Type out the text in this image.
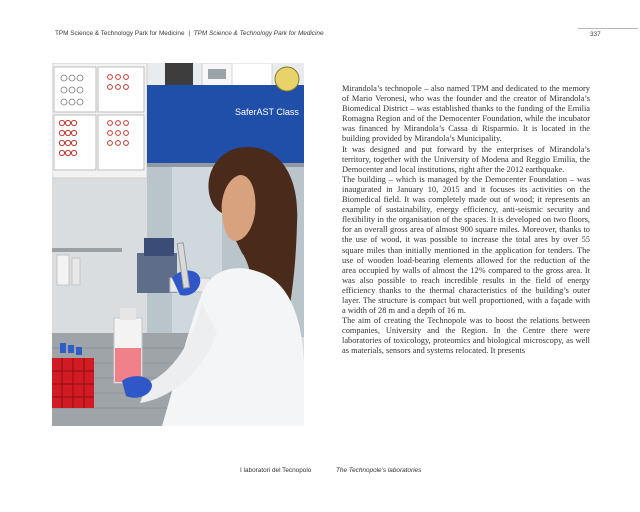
TPM Science & Technology Park for Medicine | TPM Science & Technology Park for Medicine	337
SaferAST Class

Mirandola’s technopole – also named TPM and dedicated to the memory of Mario Veronesi, who was the founder and the creator of Mirandola’s Biomedical District – was established thanks to the funding of the Emilia Romagna Region and of the Democenter Foundation, while the incubator was financed by Mirandola’s Cassa di Risparmio. It is located in the building provided by Mirandola’s Municipality.

It was designed and put forward by the enterprises of Mirandola’s territory, together with the University of Modena and Reggio Emilia, the Democenter and local institutions, right after the 2012 earthquake.

The building – which is managed by the Democenter Foundation – was inaugurated in January 10, 2015 and it focuses its activities on the Biomedical field. It was completely made out of wood; it represents an example of sustainability, energy efficiency, anti-seismic security and flexibility in the organisation of the spaces. It is developed on two floors, for an overall gross area of almost 900 square miles. Moreover, thanks to the use of wood, it was possible to increase the total ares by over 55 square miles than initially mentioned in the application for tenders. The use of wooden load-bearing elements allowed for the reduction of the area occupied by walls of almost the 12% compared to the gross area. It was also possible to reach incredible results in the field of energy efficiency thanks to the thermal characteristics of the building’s outer layer. The structure is compact but well proportioned, with a façade with a width of 28 m and a depth of 16 m.

The aim of creating the Technopole was to boost the relations between companies, University and the Region. In the Centre there were laboratories of toxicology, proteomics and biological microscopy, as well as materials, sensors and systems relocated. It presents

I laboratori del Tecnopolo	The Technopole’s laboratories
